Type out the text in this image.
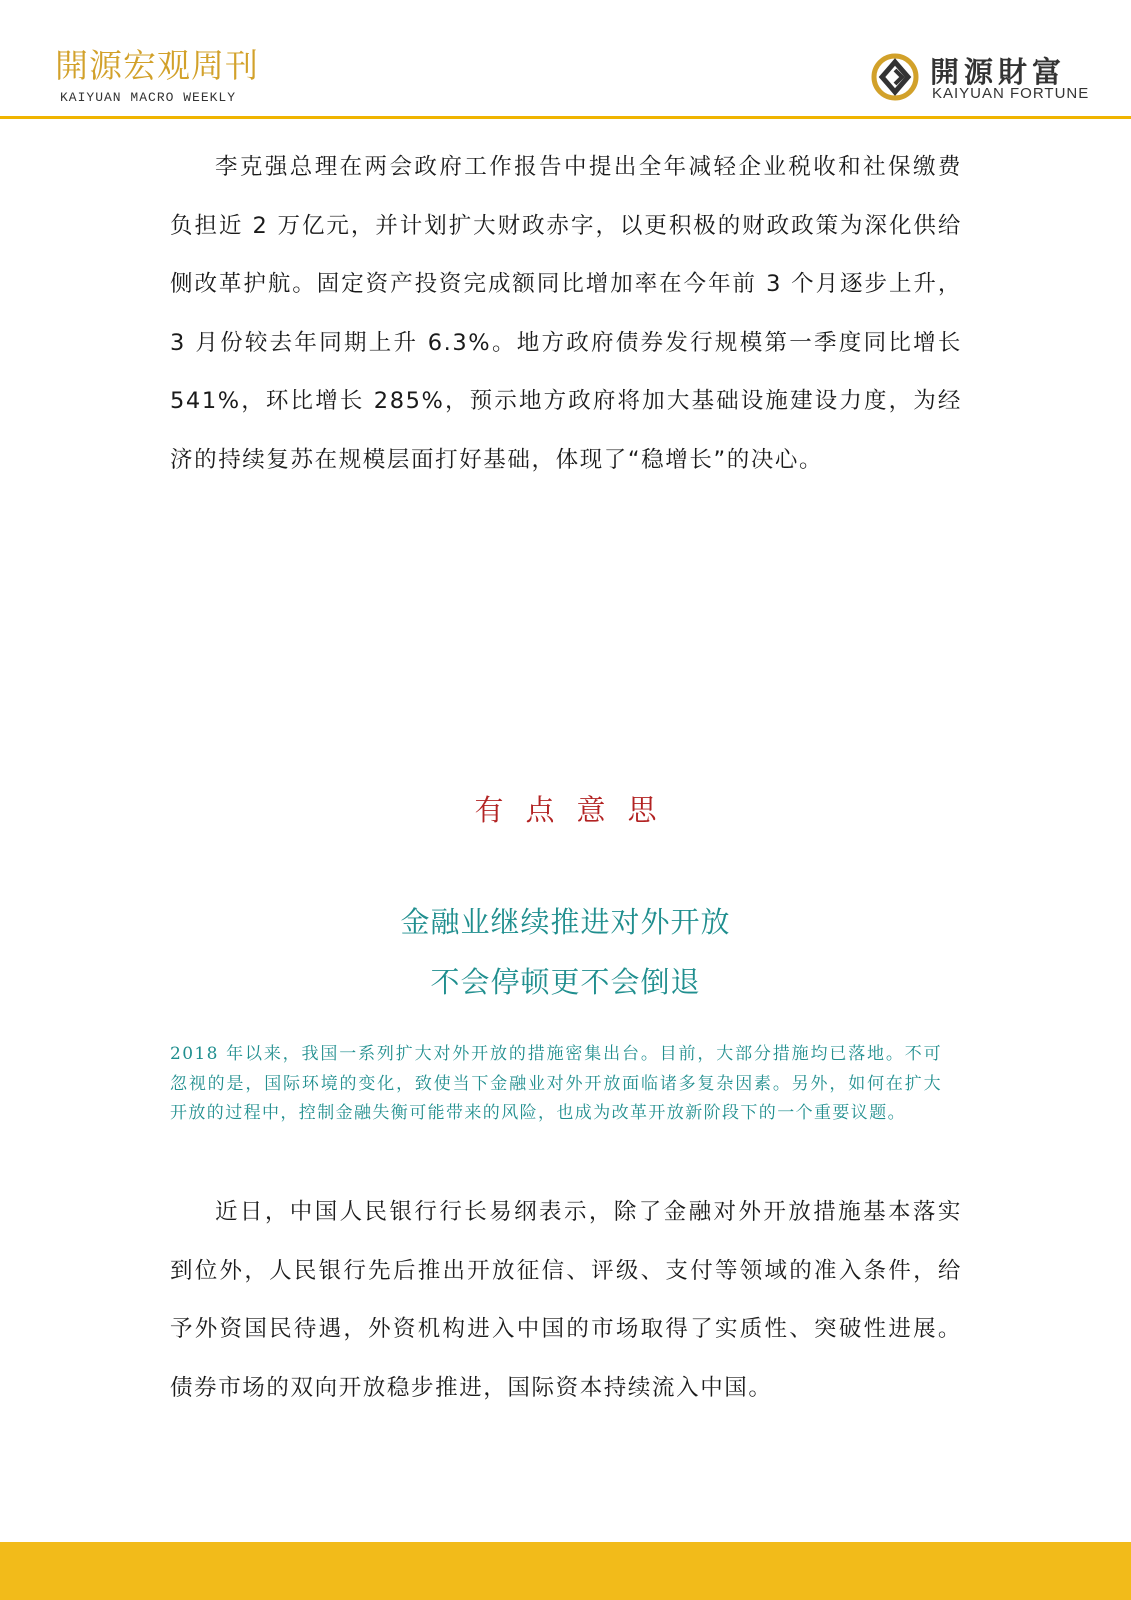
開源宏观周刊
KAIYUAN MACRO WEEKLY
開源財富
KAIYUAN FORTUNE

李克强总理在两会政府工作报告中提出全年减轻企业税收和社保缴费负担近 2 万亿元，并计划扩大财政赤字，以更积极的财政政策为深化供给侧改革护航。固定资产投资完成额同比增加率在今年前 3 个月逐步上升，3 月份较去年同期上升 6.3%。地方政府债券发行规模第一季度同比增长 541%，环比增长 285%，预示地方政府将加大基础设施建设力度，为经济的持续复苏在规模层面打好基础，体现了“稳增长”的决心。

有点意思
金融业继续推进对外开放
不会停顿更不会倒退

2018 年以来，我国一系列扩大对外开放的措施密集出台。目前，大部分措施均已落地。不可忽视的是，国际环境的变化，致使当下金融业对外开放面临诸多复杂因素。另外，如何在扩大开放的过程中，控制金融失衡可能带来的风险，也成为改革开放新阶段下的一个重要议题。

近日，中国人民银行行长易纲表示，除了金融对外开放措施基本落实到位外，人民银行先后推出开放征信、评级、支付等领域的准入条件，给予外资国民待遇，外资机构进入中国的市场取得了实质性、突破性进展。债券市场的双向开放稳步推进，国际资本持续流入中国。
